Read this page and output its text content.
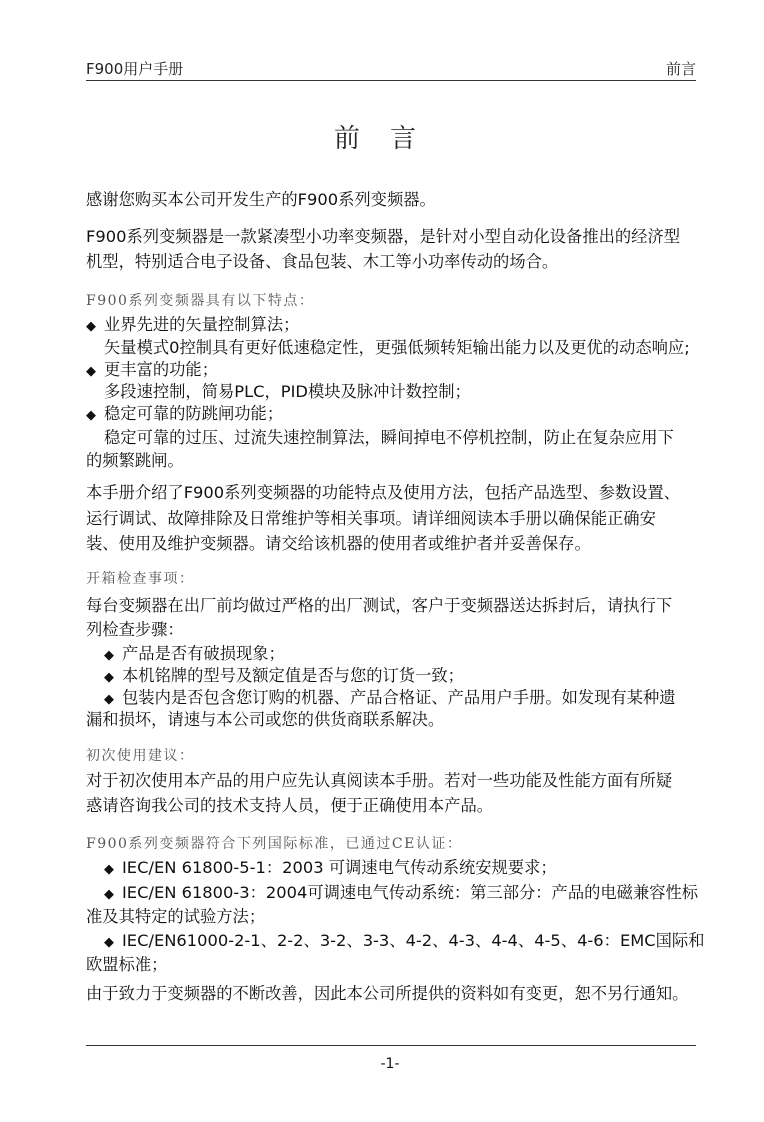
F900用户手册	前言
前言
感谢您购买本公司开发生产的F900系列变频器。
F900系列变频器是一款紧凑型小功率变频器，是针对小型自动化设备推出的经济型
机型，特别适合电子设备、食品包装、木工等小功率传动的场合。
F900系列变频器具有以下特点：
◆ 业界先进的矢量控制算法；
矢量模式0控制具有更好低速稳定性，更强低频转矩输出能力以及更优的动态响应;
◆ 更丰富的功能；
多段速控制，简易PLC，PID模块及脉冲计数控制；
◆ 稳定可靠的防跳闸功能；
稳定可靠的过压、过流失速控制算法，瞬间掉电不停机控制，防止在复杂应用下
的频繁跳闸。
本手册介绍了F900系列变频器的功能特点及使用方法，包括产品选型、参数设置、
运行调试、故障排除及日常维护等相关事项。请详细阅读本手册以确保能正确安
装、使用及维护变频器。请交给该机器的使用者或维护者并妥善保存。
开箱检查事项：
每台变频器在出厂前均做过严格的出厂测试，客户于变频器送达拆封后，请执行下
列检查步骤：
◆ 产品是否有破损现象；
◆ 本机铭牌的型号及额定值是否与您的订货一致；
◆ 包装内是否包含您订购的机器、产品合格证、产品用户手册。如发现有某种遗
漏和损坏，请速与本公司或您的供货商联系解决。
初次使用建议：
对于初次使用本产品的用户应先认真阅读本手册。若对一些功能及性能方面有所疑
惑请咨询我公司的技术支持人员，便于正确使用本产品。
F900系列变频器符合下列国际标准，已通过CE认证：
◆ IEC/EN 61800-5-1：2003 可调速电气传动系统安规要求；
◆ IEC/EN 61800-3：2004可调速电气传动系统：第三部分：产品的电磁兼容性标
准及其特定的试验方法；
◆ IEC/EN61000-2-1、2-2、3-2、3-3、4-2、4-3、4-4、4-5、4-6：EMC国际和
欧盟标准；
由于致力于变频器的不断改善，因此本公司所提供的资料如有变更，恕不另行通知。
-1-
